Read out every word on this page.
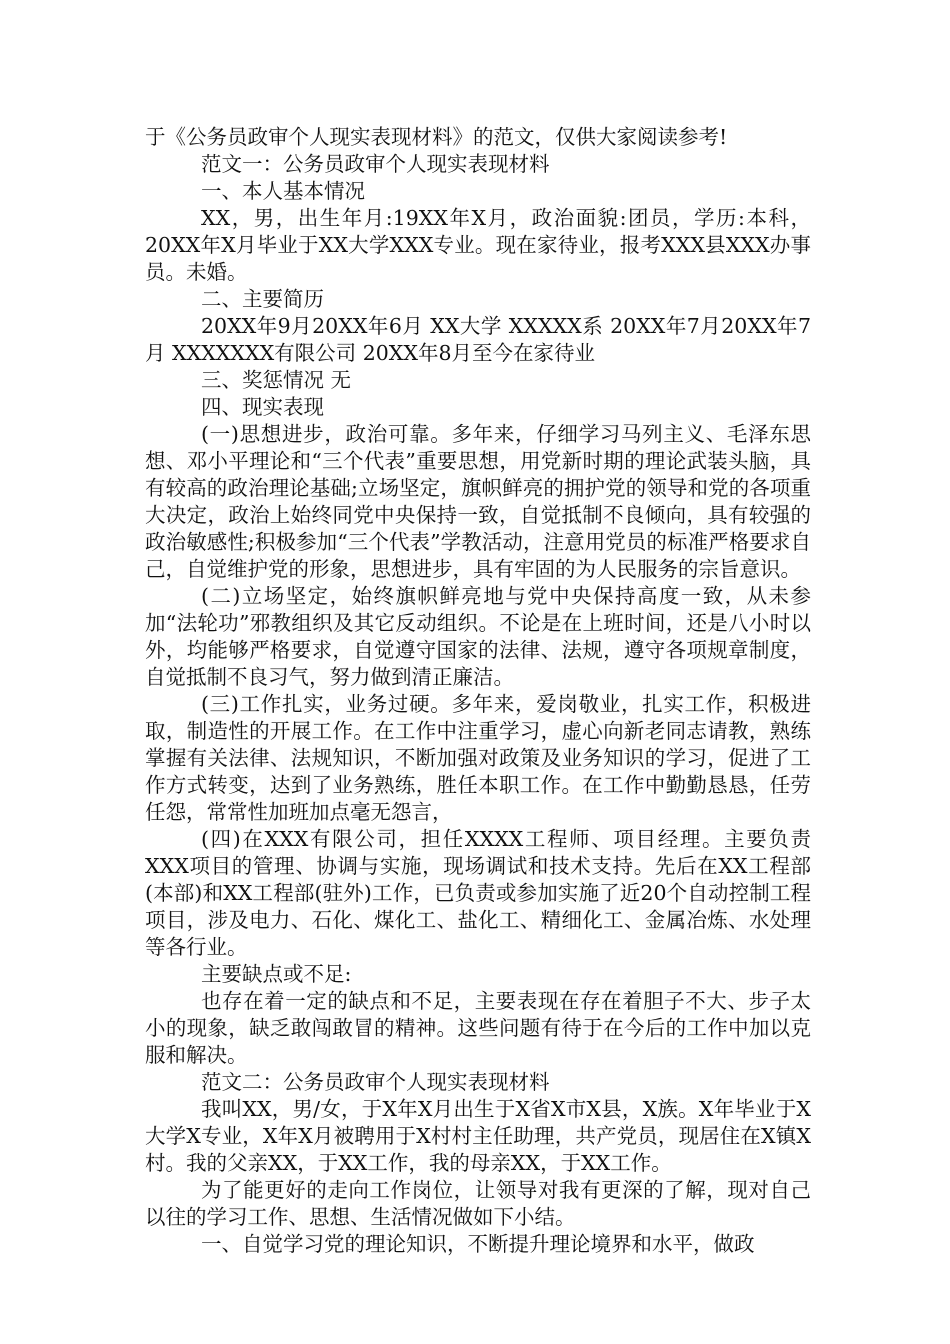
于《公务员政审个人现实表现材料》的范文，仅供大家阅读参考!

范文一：公务员政审个人现实表现材料

一、本人基本情况

XX，男，出生年月:19XX年X月，政治面貌:团员，学历:本科，20XX年X月毕业于XX大学XXX专业。现在家待业，报考XXX县XXX办事员。未婚。

二、主要简历

20XX年9月20XX年6月 XX大学 XXXXX系 20XX年7月20XX年7月 XXXXXXX有限公司 20XX年8月至今在家待业

三、奖惩情况 无

四、现实表现

(一)思想进步，政治可靠。多年来，仔细学习马列主义、毛泽东思想、邓小平理论和“三个代表”重要思想，用党新时期的理论武装头脑，具有较高的政治理论基础;立场坚定，旗帜鲜亮的拥护党的领导和党的各项重大决定，政治上始终同党中央保持一致，自觉抵制不良倾向，具有较强的政治敏感性;积极参加“三个代表”学教活动，注意用党员的标准严格要求自己，自觉维护党的形象，思想进步，具有牢固的为人民服务的宗旨意识。

(二)立场坚定，始终旗帜鲜亮地与党中央保持高度一致，从未参加“法轮功”邪教组织及其它反动组织。不论是在上班时间，还是八小时以外，均能够严格要求，自觉遵守国家的法律、法规，遵守各项规章制度，自觉抵制不良习气，努力做到清正廉洁。

(三)工作扎实，业务过硬。多年来，爱岗敬业，扎实工作，积极进取，制造性的开展工作。在工作中注重学习，虚心向新老同志请教，熟练掌握有关法律、法规知识，不断加强对政策及业务知识的学习，促进了工作方式转变，达到了业务熟练，胜任本职工作。在工作中勤勤恳恳，任劳任怨，常常性加班加点毫无怨言，

(四)在XXX有限公司，担任XXXX工程师、项目经理。主要负责XXX项目的管理、协调与实施，现场调试和技术支持。先后在XX工程部(本部)和XX工程部(驻外)工作，已负责或参加实施了近20个自动控制工程项目，涉及电力、石化、煤化工、盐化工、精细化工、金属冶炼、水处理等各行业。

主要缺点或不足:

也存在着一定的缺点和不足，主要表现在存在着胆子不大、步子太小的现象，缺乏敢闯敢冒的精神。这些问题有待于在今后的工作中加以克服和解决。

范文二：公务员政审个人现实表现材料

我叫XX，男/女，于X年X月出生于X省X市X县，X族。X年毕业于X大学X专业，X年X月被聘用于X村村主任助理，共产党员，现居住在X镇X村。我的父亲XX，于XX工作，我的母亲XX，于XX工作。

为了能更好的走向工作岗位，让领导对我有更深的了解，现对自己以往的学习工作、思想、生活情况做如下小结。

一、自觉学习党的理论知识，不断提升理论境界和水平，做政
